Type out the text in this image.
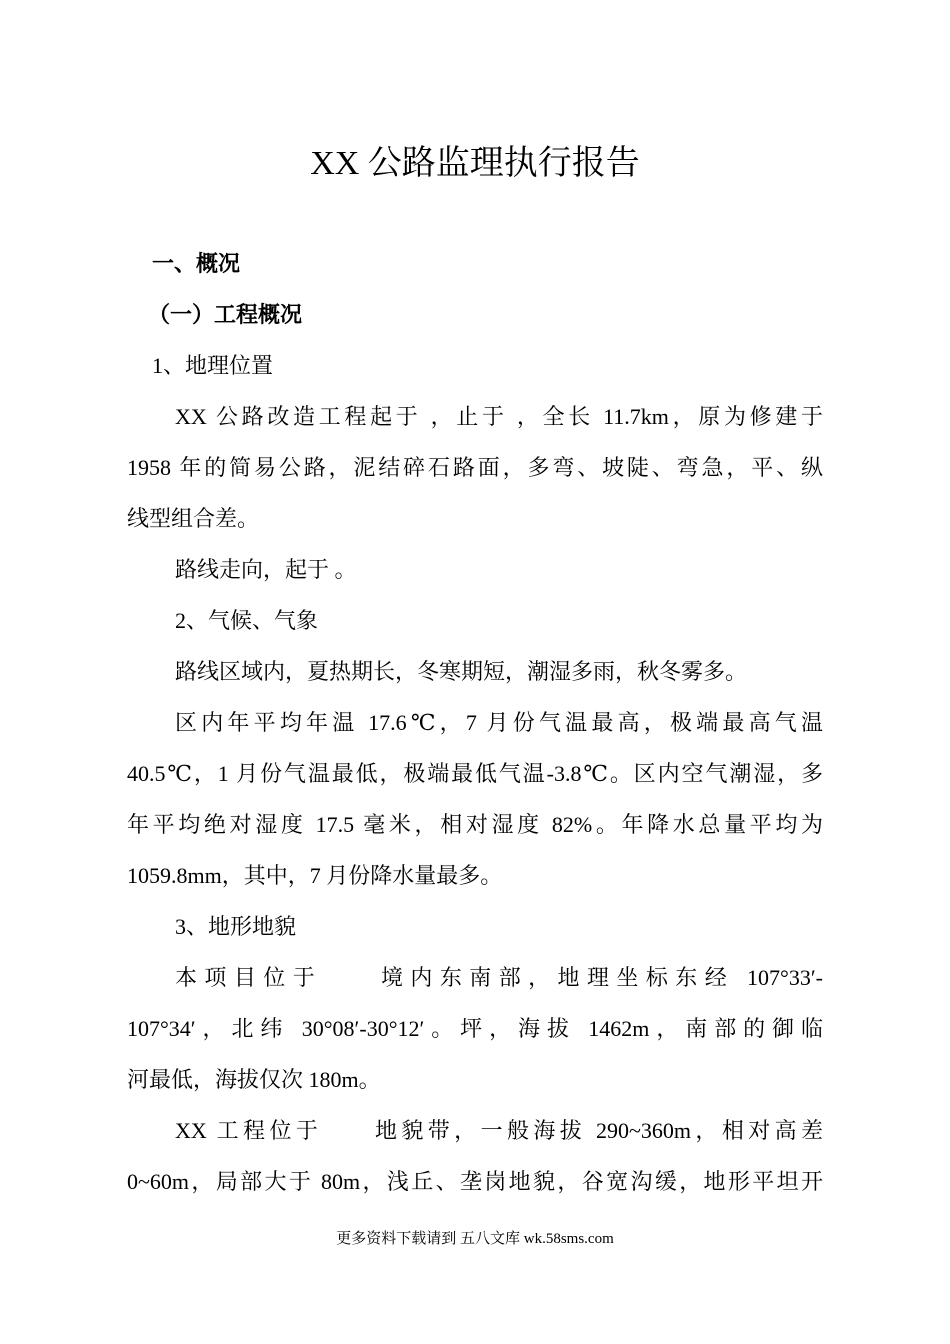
XX 公路监理执行报告
一、概况
（一）工程概况
1、地理位置
XX 公路改造工程起于 ，止于 ，全长 11.7km，原为修建于
1958 年的简易公路，泥结碎石路面，多弯、坡陡、弯急，平、纵
线型组合差。
路线走向，起于 。
2、气候、气象
路线区域内，夏热期长，冬寒期短，潮湿多雨，秋冬雾多。
区内年平均年温 17.6℃，7 月份气温最高，极端最高气温
40.5℃，1 月份气温最低，极端最低气温-3.8℃。区内空气潮湿，多
年平均绝对湿度 17.5 毫米，相对湿度 82%。年降水总量平均为
1059.8mm，其中，7 月份降水量最多。
3、地形地貌
本项目位于　　境内东南部，地理坐标东经 107°33′-
107°34′，北纬 30°08′-30°12′。坪，海拔 1462m，南部的御临
河最低，海拔仅次 180m。
XX 工程位于　　地貌带，一般海拔 290~360m，相对高差
0~60m，局部大于 80m，浅丘、垄岗地貌，谷宽沟缓，地形平坦开
更多资料下载请到 五八文库 wk.58sms.com
